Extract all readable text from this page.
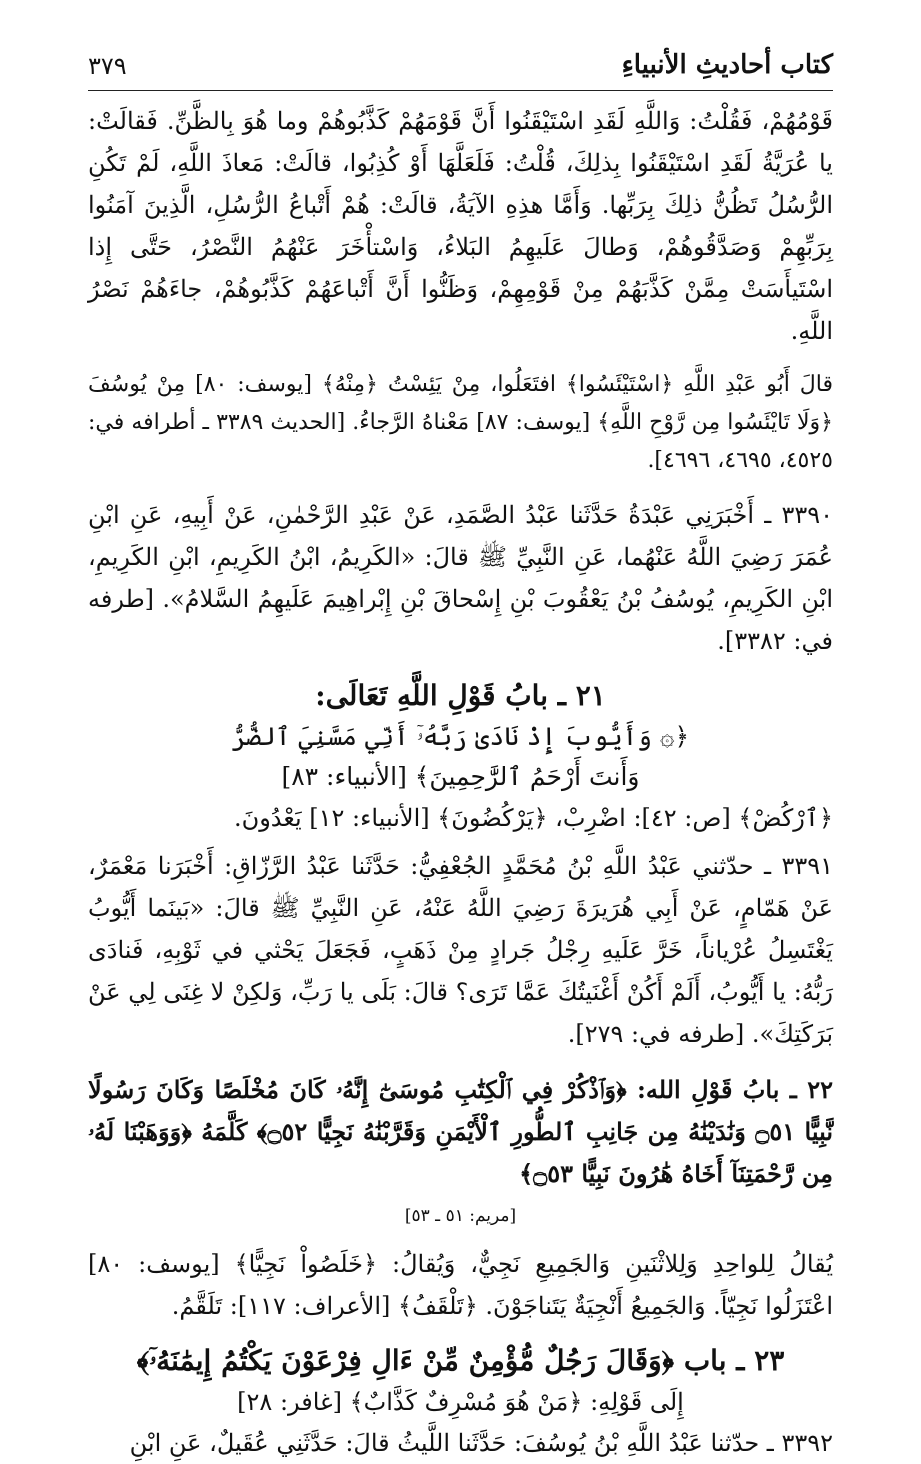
كتاب أحاديثِ الأنبياءِ
٣٧٩

قَوْمُهُمْ، فَقُلْتُ: وَاللَّهِ لَقَدِ اسْتَيْقَنُوا أَنَّ قَوْمَهُمْ كَذَّبُوهُمْ وما هُوَ بِالظَّنِّ. فَقالَتْ: يا عُرَيَّةُ لَقَدِ اسْتَيْقَنُوا بِذلِكَ، قُلْتُ: فَلَعَلَّهَا أَوْ كُذِبُوا، قالَتْ: مَعاذَ اللَّهِ، لَمْ تَكُنِ الرُّسُلُ تَظُنُّ ذلِكَ بِرَبِّها. وَأَمَّا هذِهِ الآيَةُ، قالَتْ: هُمْ أَتْباعُ الرُّسُلِ، الَّذِينَ آمَنُوا بِرَبِّهِمْ وَصَدَّقُوهُمْ، وَطالَ عَلَيهِمُ البَلاءُ، وَاسْتأْخَرَ عَنْهُمُ النَّصْرُ، حَتَّى إِذا اسْتَيأَسَتْ مِمَّنْ كَذَّبَهُمْ مِنْ قَوْمِهِمْ، وَظَنُّوا أَنَّ أَتْباعَهُمْ كَذَّبُوهُمْ، جاءَهُمْ نَصْرُ اللَّهِ.

قالَ أَبُو عَبْدِ اللَّهِ ﴿اسْتَيْئَسُوا﴾ افتَعَلُوا، مِنْ يَئِسْتُ ﴿مِنْهُ﴾ [يوسف: ٨٠] مِنْ يُوسُفَ ﴿وَلَا تَايْئَسُوا مِن رَّوْحِ اللَّهِ﴾ [يوسف: ٨٧] مَعْناهُ الرَّجاءُ. [الحديث ٣٣٨٩ ـ أطرافه في: ٤٥٢٥، ٤٦٩٥، ٤٦٩٦].

٣٣٩٠ ـ أَخْبَرَنِي عَبْدَةُ حَدَّثَنا عَبْدُ الصَّمَدِ، عَنْ عَبْدِ الرَّحْمٰنِ، عَنْ أَبِيهِ، عَنِ ابْنِ عُمَرَ رَضِيَ اللَّهُ عَنْهُما، عَنِ النَّبِيِّ ﷺ قالَ: «الكَرِيمُ، ابْنُ الكَرِيمِ، ابْنِ الكَرِيمِ، ابْنِ الكَرِيمِ، يُوسُفُ بْنُ يَعْقُوبَ بْنِ إِسْحاقَ بْنِ إِبْراهِيمَ عَلَيهِمُ السَّلامُ». [طرفه في: ٣٣٨٢].

٢١ ـ بابُ قَوْلِ اللَّهِ تَعَالَى:

﴿۞ وَأَيُّوبَ إِذْ نَادَىٰ رَبَّهُۥٓ أَنِّي مَسَّنِيَ ٱلضُّرُّ

وَأَنتَ أَرْحَمُ ٱلرَّٰحِمِينَ﴾ [الأنبياء: ٨٣]

﴿ٱرْكُضْ﴾ [ص: ٤٢]: اضْرِبْ، ﴿يَرْكُضُونَ﴾ [الأنبياء: ١٢] يَعْدُونَ.

٣٣٩١ ـ حدّثني عَبْدُ اللَّهِ بْنُ مُحَمَّدٍ الجُعْفِيُّ: حَدَّثَنا عَبْدُ الرَّزّاقِ: أَخْبَرَنا مَعْمَرٌ، عَنْ هَمّامٍ، عَنْ أَبِي هُرَيرَةَ رَضِيَ اللَّهُ عَنْهُ، عَنِ النَّبِيِّ ﷺ قالَ: «بَينَما أَيُّوبُ يَغْتَسِلُ عُرْياناً، خَرَّ عَلَيهِ رِجْلُ جَرادٍ مِنْ ذَهَبٍ، فَجَعَلَ يَحْثي في ثَوْبِهِ، فَنادَى رَبُّهُ: يا أَيُّوبُ، أَلَمْ أَكُنْ أَغْنَيتُكَ عَمَّا تَرَى؟ قالَ: بَلَى يا رَبِّ، وَلكِنْ لا غِنَى لِي عَنْ بَرَكَتِكَ». [طرفه في: ٢٧٩].

٢٢ ـ بابُ قَوْلِ الله: ﴿وَٱذْكُرْ فِي ٱلْكِتَٰبِ مُوسَىٰٓ إِنَّهُۥ كَانَ مُخْلَصًا وَكَانَ رَسُولًا نَّبِيًّا ۝٥١ وَنَٰدَيْنَٰهُ مِن جَانِبِ ٱلطُّورِ ٱلْأَيْمَنِ وَقَرَّبْنَٰهُ نَجِيًّا ۝٥٢﴾ كَلَّمَهُ ﴿وَوَهَبْنَا لَهُۥ مِن رَّحْمَتِنَآ أَخَاهُ هَٰرُونَ نَبِيًّا ۝٥٣﴾

[مريم: ٥١ ـ ٥٣]

يُقالُ لِلواحِدِ وَلِلاثْنَينِ وَالجَمِيعِ نَجِيٌّ، وَيُقالُ: ﴿خَلَصُواْ نَجِيًّا﴾ [يوسف: ٨٠] اعْتَزَلُوا نَجِيّاً. وَالجَمِيعُ أَنْجِيَةٌ يَتَناجَوْنَ. ﴿تَلْقَفُ﴾ [الأعراف: ١١٧]: تَلَقَّمُ.

٢٣ ـ باب ﴿وَقَالَ رَجُلٌ مُّؤْمِنٌ مِّنْ ءَالِ فِرْعَوْنَ يَكْتُمُ إِيمَٰنَهُۥٓ﴾

إِلَى قَوْلِهِ: ﴿مَنْ هُوَ مُسْرِفٌ كَذَّابٌ﴾ [غافر: ٢٨]

٣٣٩٢ ـ حدّثنا عَبْدُ اللَّهِ بْنُ يُوسُفَ: حَدَّثَنا اللَّيثُ قالَ: حَدَّثَنِي عُقَيلٌ، عَنِ ابْنِ
